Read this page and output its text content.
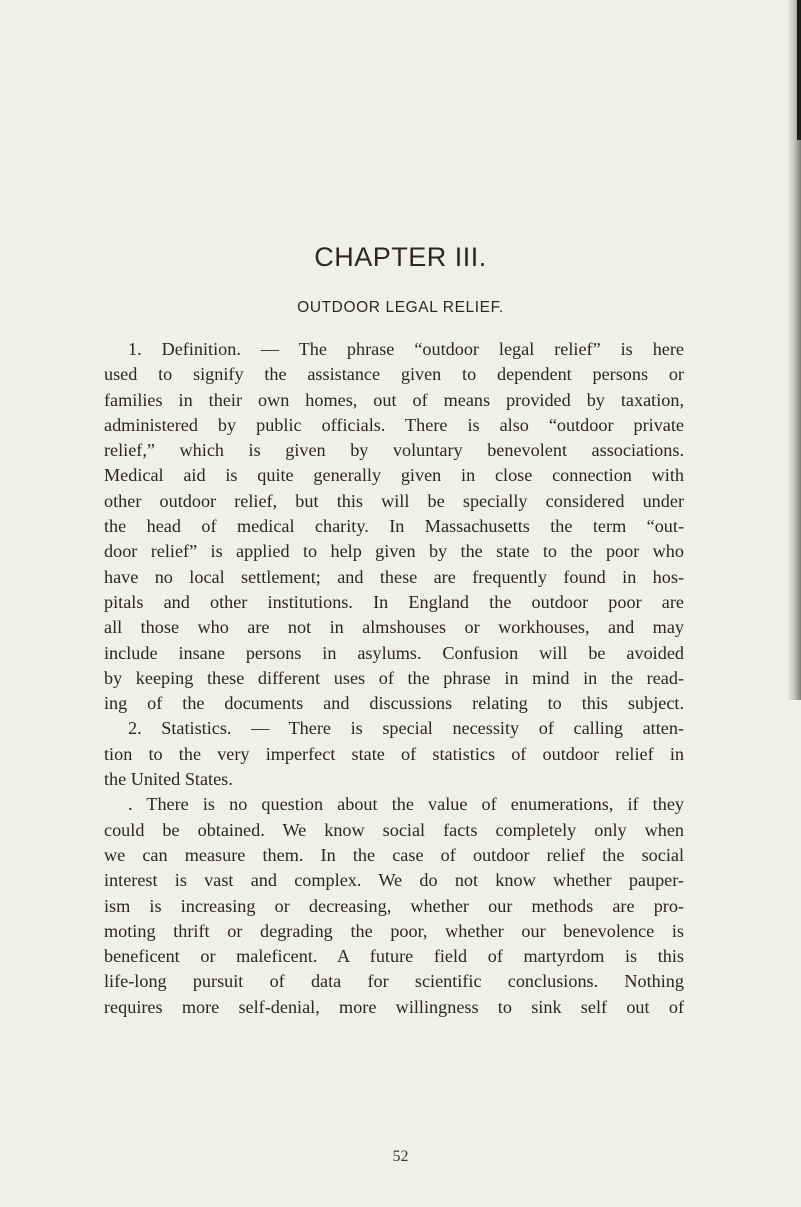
CHAPTER III.
OUTDOOR LEGAL RELIEF.
1. Definition. — The phrase “outdoor legal relief” is here
used to signify the assistance given to dependent persons or
families in their own homes, out of means provided by taxation,
administered by public officials. There is also “outdoor private
relief,” which is given by voluntary benevolent associations.
Medical aid is quite generally given in close connection with
other outdoor relief, but this will be specially considered under
the head of medical charity. In Massachusetts the term “out-
door relief” is applied to help given by the state to the poor who
have no local settlement; and these are frequently found in hos-
pitals and other institutions. In England the outdoor poor are
all those who are not in almshouses or workhouses, and may
include insane persons in asylums. Confusion will be avoided
by keeping these different uses of the phrase in mind in the read-
ing of the documents and discussions relating to this subject.
2. Statistics. — There is special necessity of calling atten-
tion to the very imperfect state of statistics of outdoor relief in
the United States.
. There is no question about the value of enumerations, if they
could be obtained. We know social facts completely only when
we can measure them. In the case of outdoor relief the social
interest is vast and complex. We do not know whether pauper-
ism is increasing or decreasing, whether our methods are pro-
moting thrift or degrading the poor, whether our benevolence is
beneficent or maleficent. A future field of martyrdom is this
life-long pursuit of data for scientific conclusions. Nothing
requires more self-denial, more willingness to sink self out of
52
